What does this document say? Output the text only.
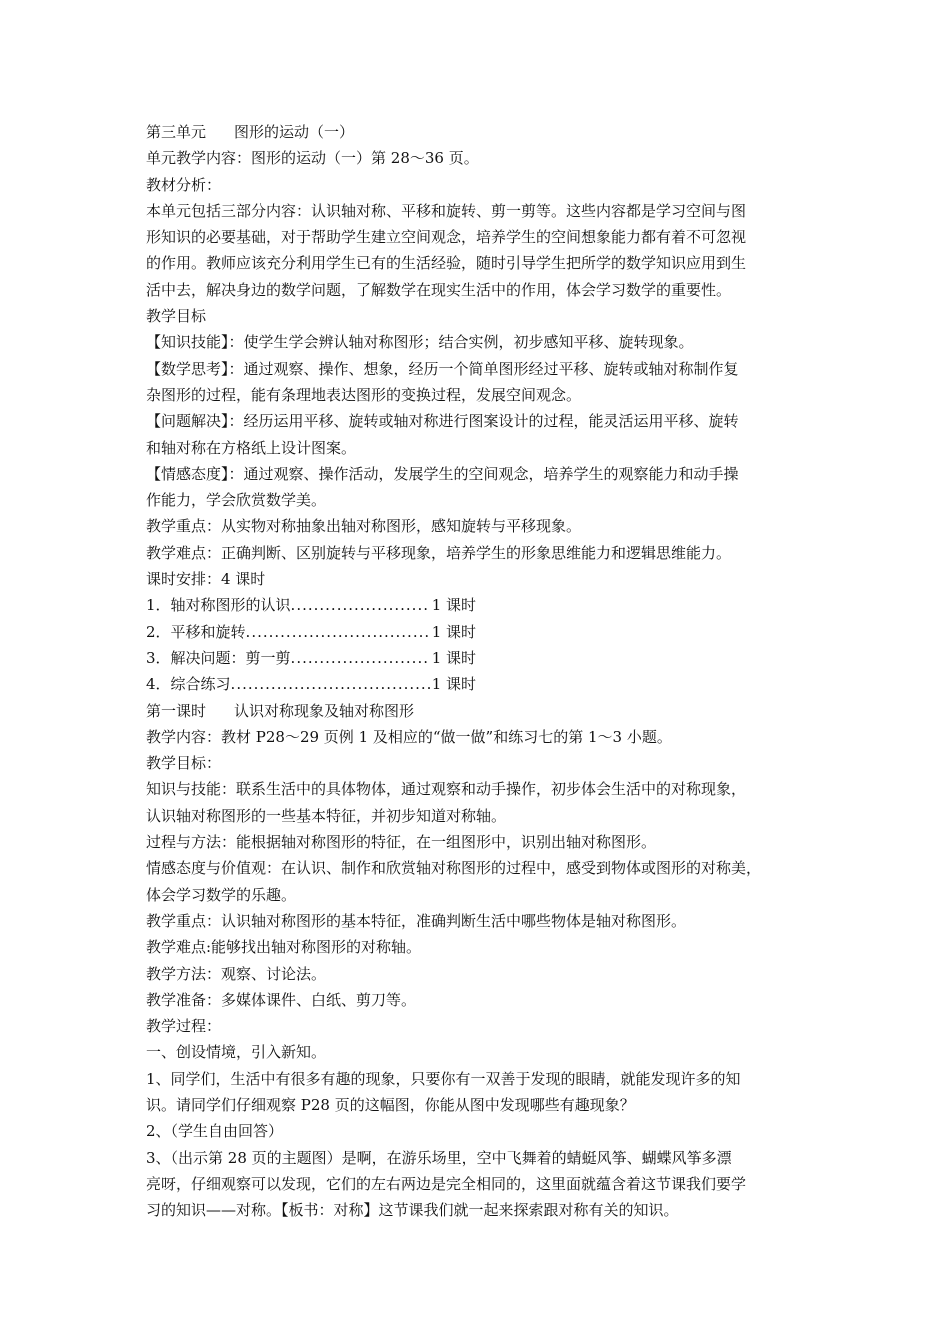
第三单元 图形的运动（一）
单元教学内容：图形的运动（一）第 28～36 页。
教材分析：
本单元包括三部分内容：认识轴对称、平移和旋转、剪一剪等。这些内容都是学习空间与图
形知识的必要基础，对于帮助学生建立空间观念，培养学生的空间想象能力都有着不可忽视
的作用。教师应该充分利用学生已有的生活经验，随时引导学生把所学的数学知识应用到生
活中去，解决身边的数学问题，了解数学在现实生活中的作用，体会学习数学的重要性。
教学目标
【知识技能】：使学生学会辨认轴对称图形；结合实例，初步感知平移、旋转现象。
【数学思考】：通过观察、操作、想象，经历一个简单图形经过平移、旋转或轴对称制作复
杂图形的过程，能有条理地表达图形的变换过程，发展空间观念。
【问题解决】：经历运用平移、旋转或轴对称进行图案设计的过程，能灵活运用平移、旋转
和轴对称在方格纸上设计图案。
【情感态度】：通过观察、操作活动，发展学生的空间观念，培养学生的观察能力和动手操
作能力，学会欣赏数学美。
教学重点：从实物对称抽象出轴对称图形，感知旋转与平移现象。
教学难点：正确判断、区别旋转与平移现象，培养学生的形象思维能力和逻辑思维能力。
课时安排：4 课时
1．轴对称图形的认识 .....	1 课时
2．平移和旋转 .....	1 课时
3．解决问题：剪一剪 .....	1 课时
4．综合练习 .....	1 课时
第一课时 认识对称现象及轴对称图形
教学内容：教材 P28～29 页例 1 及相应的“做一做”和练习七的第 1～3 小题。
教学目标：
知识与技能：联系生活中的具体物体，通过观察和动手操作，初步体会生活中的对称现象，
认识轴对称图形的一些基本特征，并初步知道对称轴。
过程与方法：能根据轴对称图形的特征，在一组图形中，识别出轴对称图形。
情感态度与价值观：在认识、制作和欣赏轴对称图形的过程中，感受到物体或图形的对称美，
体会学习数学的乐趣。
教学重点：认识轴对称图形的基本特征，准确判断生活中哪些物体是轴对称图形。
教学难点:能够找出轴对称图形的对称轴。
教学方法：观察、讨论法。
教学准备：多媒体课件、白纸、剪刀等。
教学过程：
一、创设情境，引入新知。
1、同学们，生活中有很多有趣的现象，只要你有一双善于发现的眼睛，就能发现许多的知
识。请同学们仔细观察 P28 页的这幅图，你能从图中发现哪些有趣现象？
2、（学生自由回答）
3、（出示第 28 页的主题图）是啊，在游乐场里，空中飞舞着的蜻蜓风筝、蝴蝶风筝多漂
亮呀，仔细观察可以发现，它们的左右两边是完全相同的，这里面就蕴含着这节课我们要学
习的知识——对称。【板书：对称】这节课我们就一起来探索跟对称有关的知识。
